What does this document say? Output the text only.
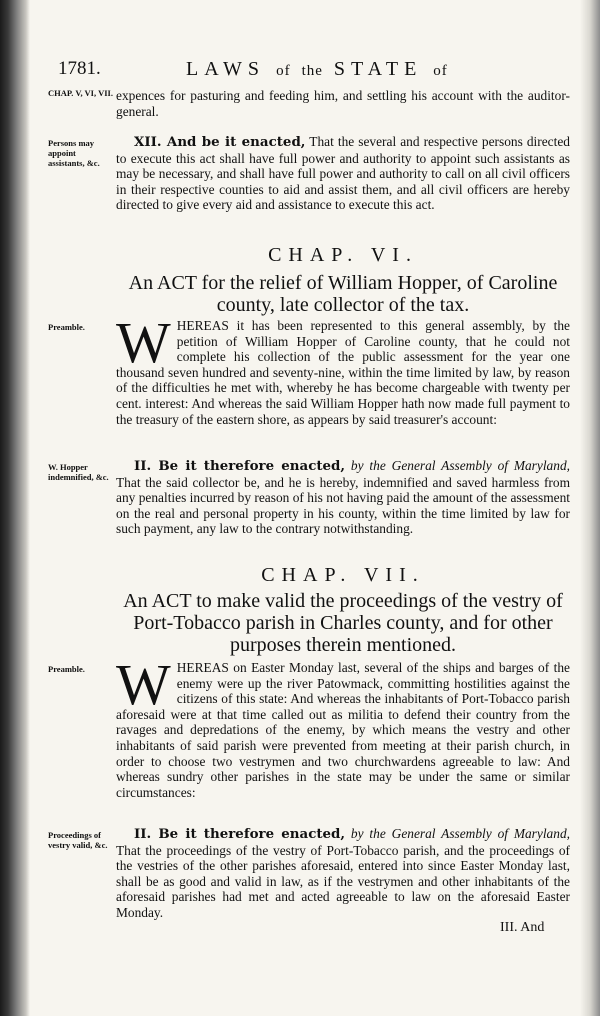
1781.	LAWS of the STATE of
CHAP. V, VI, VII. expences for pasturing and feeding him, and settling his account with the auditor-general.
Persons may appoint assistants, &c.
XII. And be it enacted, That the several and respective persons directed to execute this act shall have full power and authority to appoint such assistants as may be necessary, and shall have full power and authority to call on all civil officers in their respective counties to aid and assist them, and all civil officers are hereby directed to give every aid and assistance to execute this act.
CHAP. VI.
An ACT for the relief of William Hopper, of Caroline county, late collector of the tax.
Preamble. WHEREAS it has been represented to this general assembly, by the petition of William Hopper of Caroline county, that he could not complete his collection of the public assessment for the year one thousand seven hundred and seventy-nine, within the time limited by law, by reason of the difficulties he met with, whereby he has become chargeable with twenty per cent. interest: And whereas the said William Hopper hath now made full payment to the treasury of the eastern shore, as appears by said treasurer's account:
W. Hopper indemnified, &c.
II. Be it therefore enacted, by the General Assembly of Maryland, That the said collector be, and he is hereby, indemnified and saved harmless from any penalties incurred by reason of his not having paid the amount of the assessment on the real and personal property in his county, within the time limited by law for such payment, any law to the contrary notwithstanding.
CHAP. VII.
An ACT to make valid the proceedings of the vestry of Port-Tobacco parish in Charles county, and for other purposes therein mentioned.
Preamble. WHEREAS on Easter Monday last, several of the ships and barges of the enemy were up the river Patowmack, committing hostilities against the citizens of this state: And whereas the inhabitants of Port-Tobacco parish aforesaid were at that time called out as militia to defend their country from the ravages and depredations of the enemy, by which means the vestry and other inhabitants of said parish were prevented from meeting at their parish church, in order to choose two vestrymen and two churchwardens agreeable to law: And whereas sundry other parishes in the state may be under the same or similar circumstances:
Proceedings of vestry valid, &c.
II. Be it therefore enacted, by the General Assembly of Maryland, That the proceedings of the vestry of Port-Tobacco parish, and the proceedings of the vestries of the other parishes aforesaid, entered into since Easter Monday last, shall be as good and valid in law, as if the vestrymen and other inhabitants of the aforesaid parishes had met and acted agreeable to law on the aforesaid Easter Monday.
III. And
